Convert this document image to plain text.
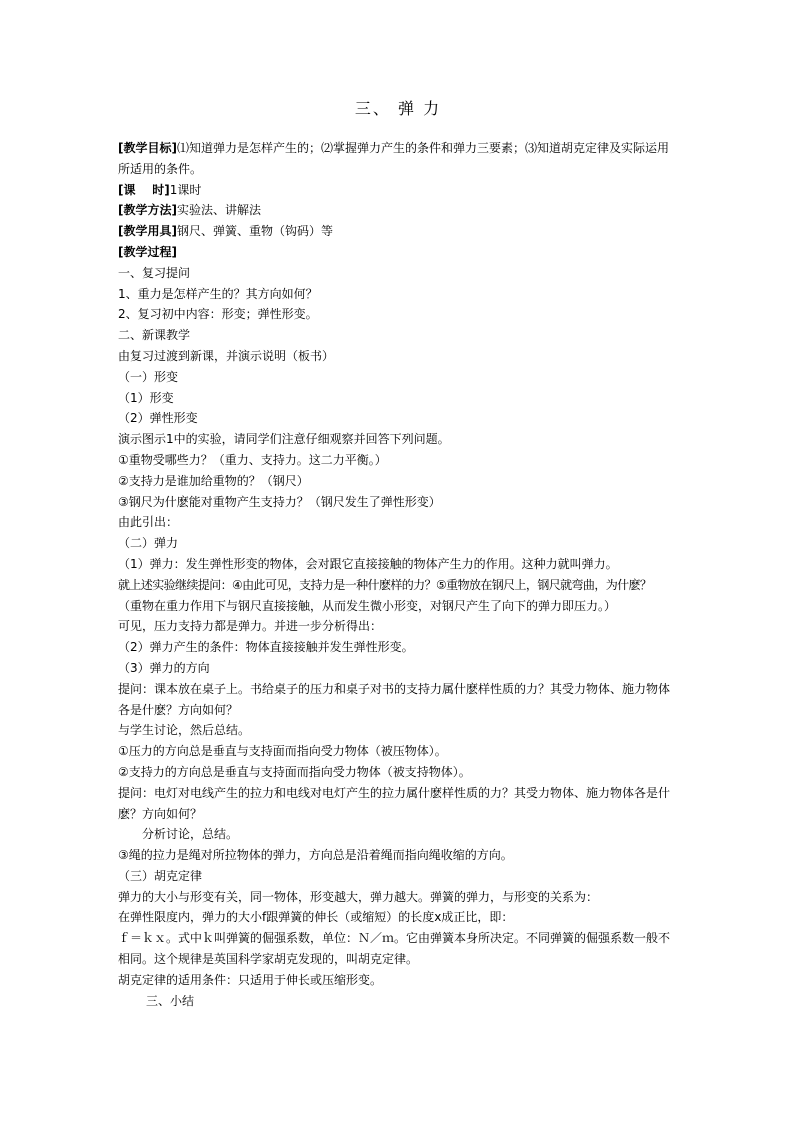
三、 弹 力

[教学目标]⑴知道弹力是怎样产生的；⑵掌握弹力产生的条件和弹力三要素；⑶知道胡克定律及实际运用所适用的条件。

[课    时]1课时

[教学方法]实验法、讲解法

[教学用具]钢尺、弹簧、重物（钩码）等

[教学过程]

一、复习提问

1、重力是怎样产生的？其方向如何？

2、复习初中内容：形变；弹性形变。

二、新课教学

由复习过渡到新课，并演示说明（板书）

（一）形变

（1）形变

（2）弹性形变

演示图示1中的实验，请同学们注意仔细观察并回答下列问题。

①重物受哪些力？（重力、支持力。这二力平衡。）

②支持力是谁加给重物的？（钢尺）

③钢尺为什麽能对重物产生支持力？（钢尺发生了弹性形变）

由此引出：

（二）弹力

（1）弹力：发生弹性形变的物体，会对跟它直接接触的物体产生力的作用。这种力就叫弹力。

就上述实验继续提问：④由此可见，支持力是一种什麽样的力？⑤重物放在钢尺上，钢尺就弯曲，为什麽？

（重物在重力作用下与钢尺直接接触，从而发生微小形变，对钢尺产生了向下的弹力即压力。）

可见，压力支持力都是弹力。并进一步分析得出：

（2）弹力产生的条件：物体直接接触并发生弹性形变。

（3）弹力的方向

提问：课本放在桌子上。书给桌子的压力和桌子对书的支持力属什麽样性质的力？其受力物体、施力物体各是什麽？方向如何？

与学生讨论，然后总结。

①压力的方向总是垂直与支持面而指向受力物体（被压物体）。

②支持力的方向总是垂直与支持面而指向受力物体（被支持物体）。

提问：电灯对电线产生的拉力和电线对电灯产生的拉力属什麽样性质的力？其受力物体、施力物体各是什麽？方向如何？

分析讨论，总结。

③绳的拉力是绳对所拉物体的弹力，方向总是沿着绳而指向绳收缩的方向。

（三）胡克定律

弹力的大小与形变有关，同一物体，形变越大，弹力越大。弹簧的弹力，与形变的关系为：

在弹性限度内，弹力的大小f跟弹簧的伸长（或缩短）的长度x成正比，即：

ｆ＝ｋｘ。式中ｋ叫弹簧的倔强系数，单位：Ｎ／ｍ。它由弹簧本身所决定。不同弹簧的倔强系数一般不相同。这个规律是英国科学家胡克发现的，叫胡克定律。

胡克定律的适用条件：只适用于伸长或压缩形变。

三、小结
